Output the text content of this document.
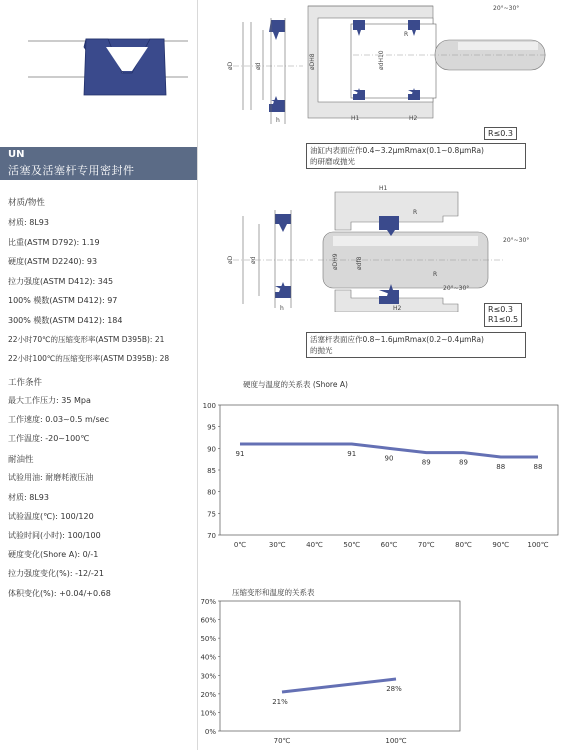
UN
活塞及活塞杆专用密封件
材质/物性
材质: 8L93
比重(ASTM D792): 1.19
硬度(ASTM D2240): 93
拉力强度(ASTM D412): 345
100% 模数(ASTM D412): 97
300% 模数(ASTM D412): 184
22小时70℃的压缩变形率(ASTM D395B): 21
22小时100℃的压缩变形率(ASTM D395B): 28
工作条件
最大工作压力: 35 Mpa
工作速度: 0.03~0.5 m/sec
工作温度: -20~100℃
耐油性
试验用油: 耐磨耗液压油
材质: 8L93
试验温度(℃): 100/120
试验时间(小时): 100/100
硬度变化(Shore A): 0/-1
拉力强度变化(%): -12/-21
体积变化(%): +0.04/+0.68
øD	ød
h
øDH8	ødH10
H1	H2
20°~30°
R
R≤0.3
油缸内表面应作0.4~3.2μmRmax(0.1~0.8μmRa)
的研磨或抛光
øD	ød
h
øDH9	ødf8
H1
H2
20°~30°
20°~30°
R
R
R≤0.3
R1≤0.5
活塞杆表面应作0.8~1.6μmRmax(0.2~0.4μmRa)
的抛光
硬度与温度的关系表 (Shore A)
70
75
80
85
90
95
100
0℃	30℃	40℃	50℃	60℃	70℃	80℃	90℃	100℃
91	91
90
89	89
88	88
压缩变形和温度的关系表
0%
10%
20%
30%
40%
50%
60%
70%
70℃	100℃
21%
28%
